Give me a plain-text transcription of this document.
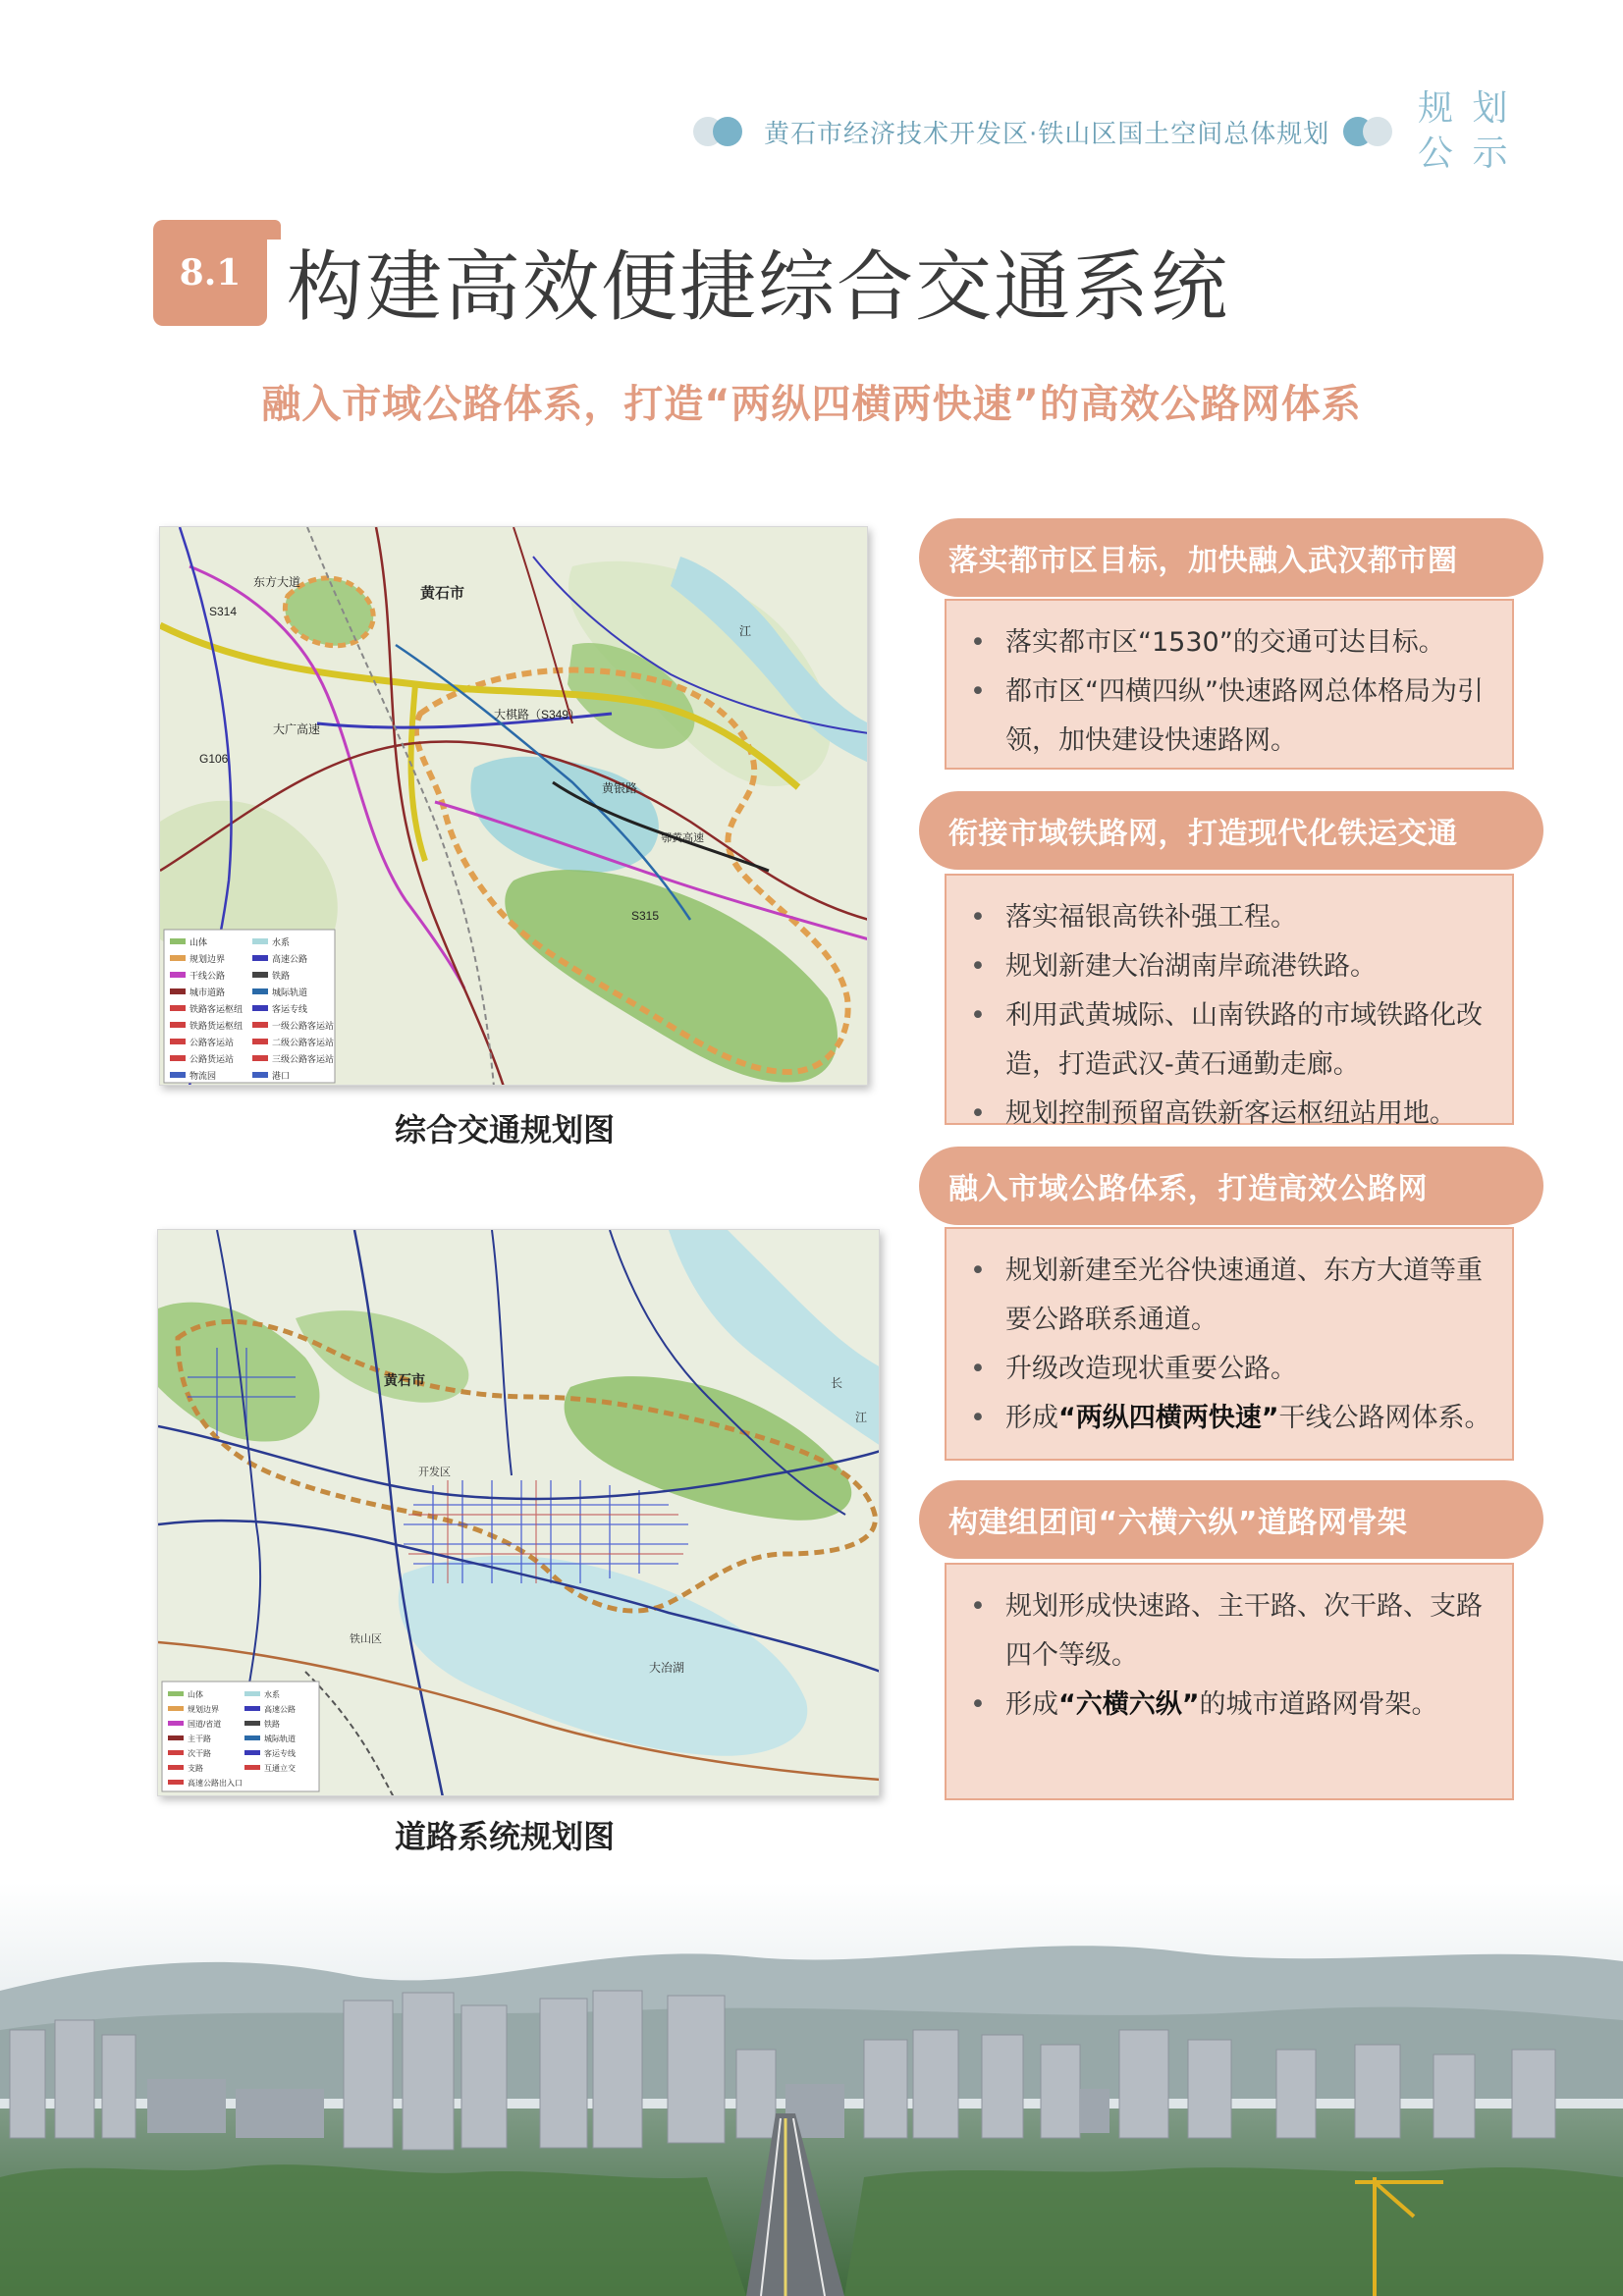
黄石市经济技术开发区·铁山区国土空间总体规划
规 划
公 示
8.1 构建高效便捷综合交通系统
融入市域公路体系，打造“两纵四横两快速”的高效公路网体系
黄石市
大棋路（S349）
S315
S314
G106
大广高速
东方大道
黄银路
江
鄂黄高速
山体	水系
规划边界	高速公路
干线公路	铁路
城市道路	城际轨道
铁路客运枢纽	客运专线
铁路货运枢纽	一级公路客运站
公路客运站	二级公路客运站
公路货运站	三级公路客运站
物流园	港口
综合交通规划图
黄石市
大冶湖
长
江
开发区
铁山区
山体	水系
规划边界	高速公路
国道/省道	铁路
主干路	城际轨道
次干路	客运专线
支路	互通立交
高速公路出入口
道路系统规划图
落实都市区目标，加快融入武汉都市圈
• 落实都市区“1530”的交通可达目标。
• 都市区“四横四纵”快速路网总体格局为引领，加快建设快速路网。
衔接市域铁路网，打造现代化铁运交通
• 落实福银高铁补强工程。
• 规划新建大冶湖南岸疏港铁路。
• 利用武黄城际、山南铁路的市域铁路化改造，打造武汉-黄石通勤走廊。
• 规划控制预留高铁新客运枢纽站用地。
融入市域公路体系，打造高效公路网
• 规划新建至光谷快速通道、东方大道等重要公路联系通道。
• 升级改造现状重要公路。
• 形成“两纵四横两快速”干线公路网体系。
构建组团间“六横六纵”道路网骨架
• 规划形成快速路、主干路、次干路、支路四个等级。
• 形成“六横六纵”的城市道路网骨架。
